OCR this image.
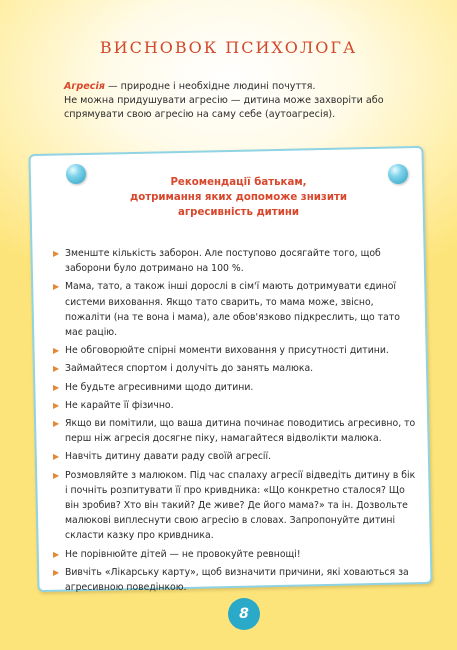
ВИСНОВОК ПСИХОЛОГА

Агресія — природне і необхідне людині почуття.

Не можна придушувати агресію — дитина може захворіти або спрямувати свою агресію на саму себе (аутоагресія).

Рекомендації батькам,
дотримання яких допоможе знизити
агресивність дитини
▶ Зменште кількість заборон. Але поступово досягайте того, щоб заборони було дотримано на 100 %.
▶ Мама, тато, а також інші дорослі в сім'ї мають дотримувати єдиної системи виховання. Якщо тато сварить, то мама може, звісно, пожаліти (на те вона і мама), але обов'язково підкреслить, що тато має рацію.
▶ Не обговорюйте спірні моменти виховання у присутності дитини.
▶ Займайтеся спортом і долучіть до занять малюка.
▶ Не будьте агресивними щодо дитини.
▶ Не карайте її фізично.
▶ Якщо ви помітили, що ваша дитина починає поводитись агресивно, то перш ніж агресія досягне піку, намагайтеся відволікти малюка.
▶ Навчіть дитину давати раду своїй агресії.
▶ Розмовляйте з малюком. Під час спалаху агресії відведіть дитину в бік і почніть розпитувати її про кривдника: «Що конкретно сталося? Що він зробив? Хто він такий? Де живе? Де його мама?» та ін. Дозвольте малюкові виплеснути свою агресію в словах. Запропонуйте дитині скласти казку про кривдника.
▶ Не порівнюйте дітей — не провокуйте ревнощі!
▶ Вивчіть «Лікарську карту», щоб визначити причини, які ховаються за агресивною поведінкою.
8
